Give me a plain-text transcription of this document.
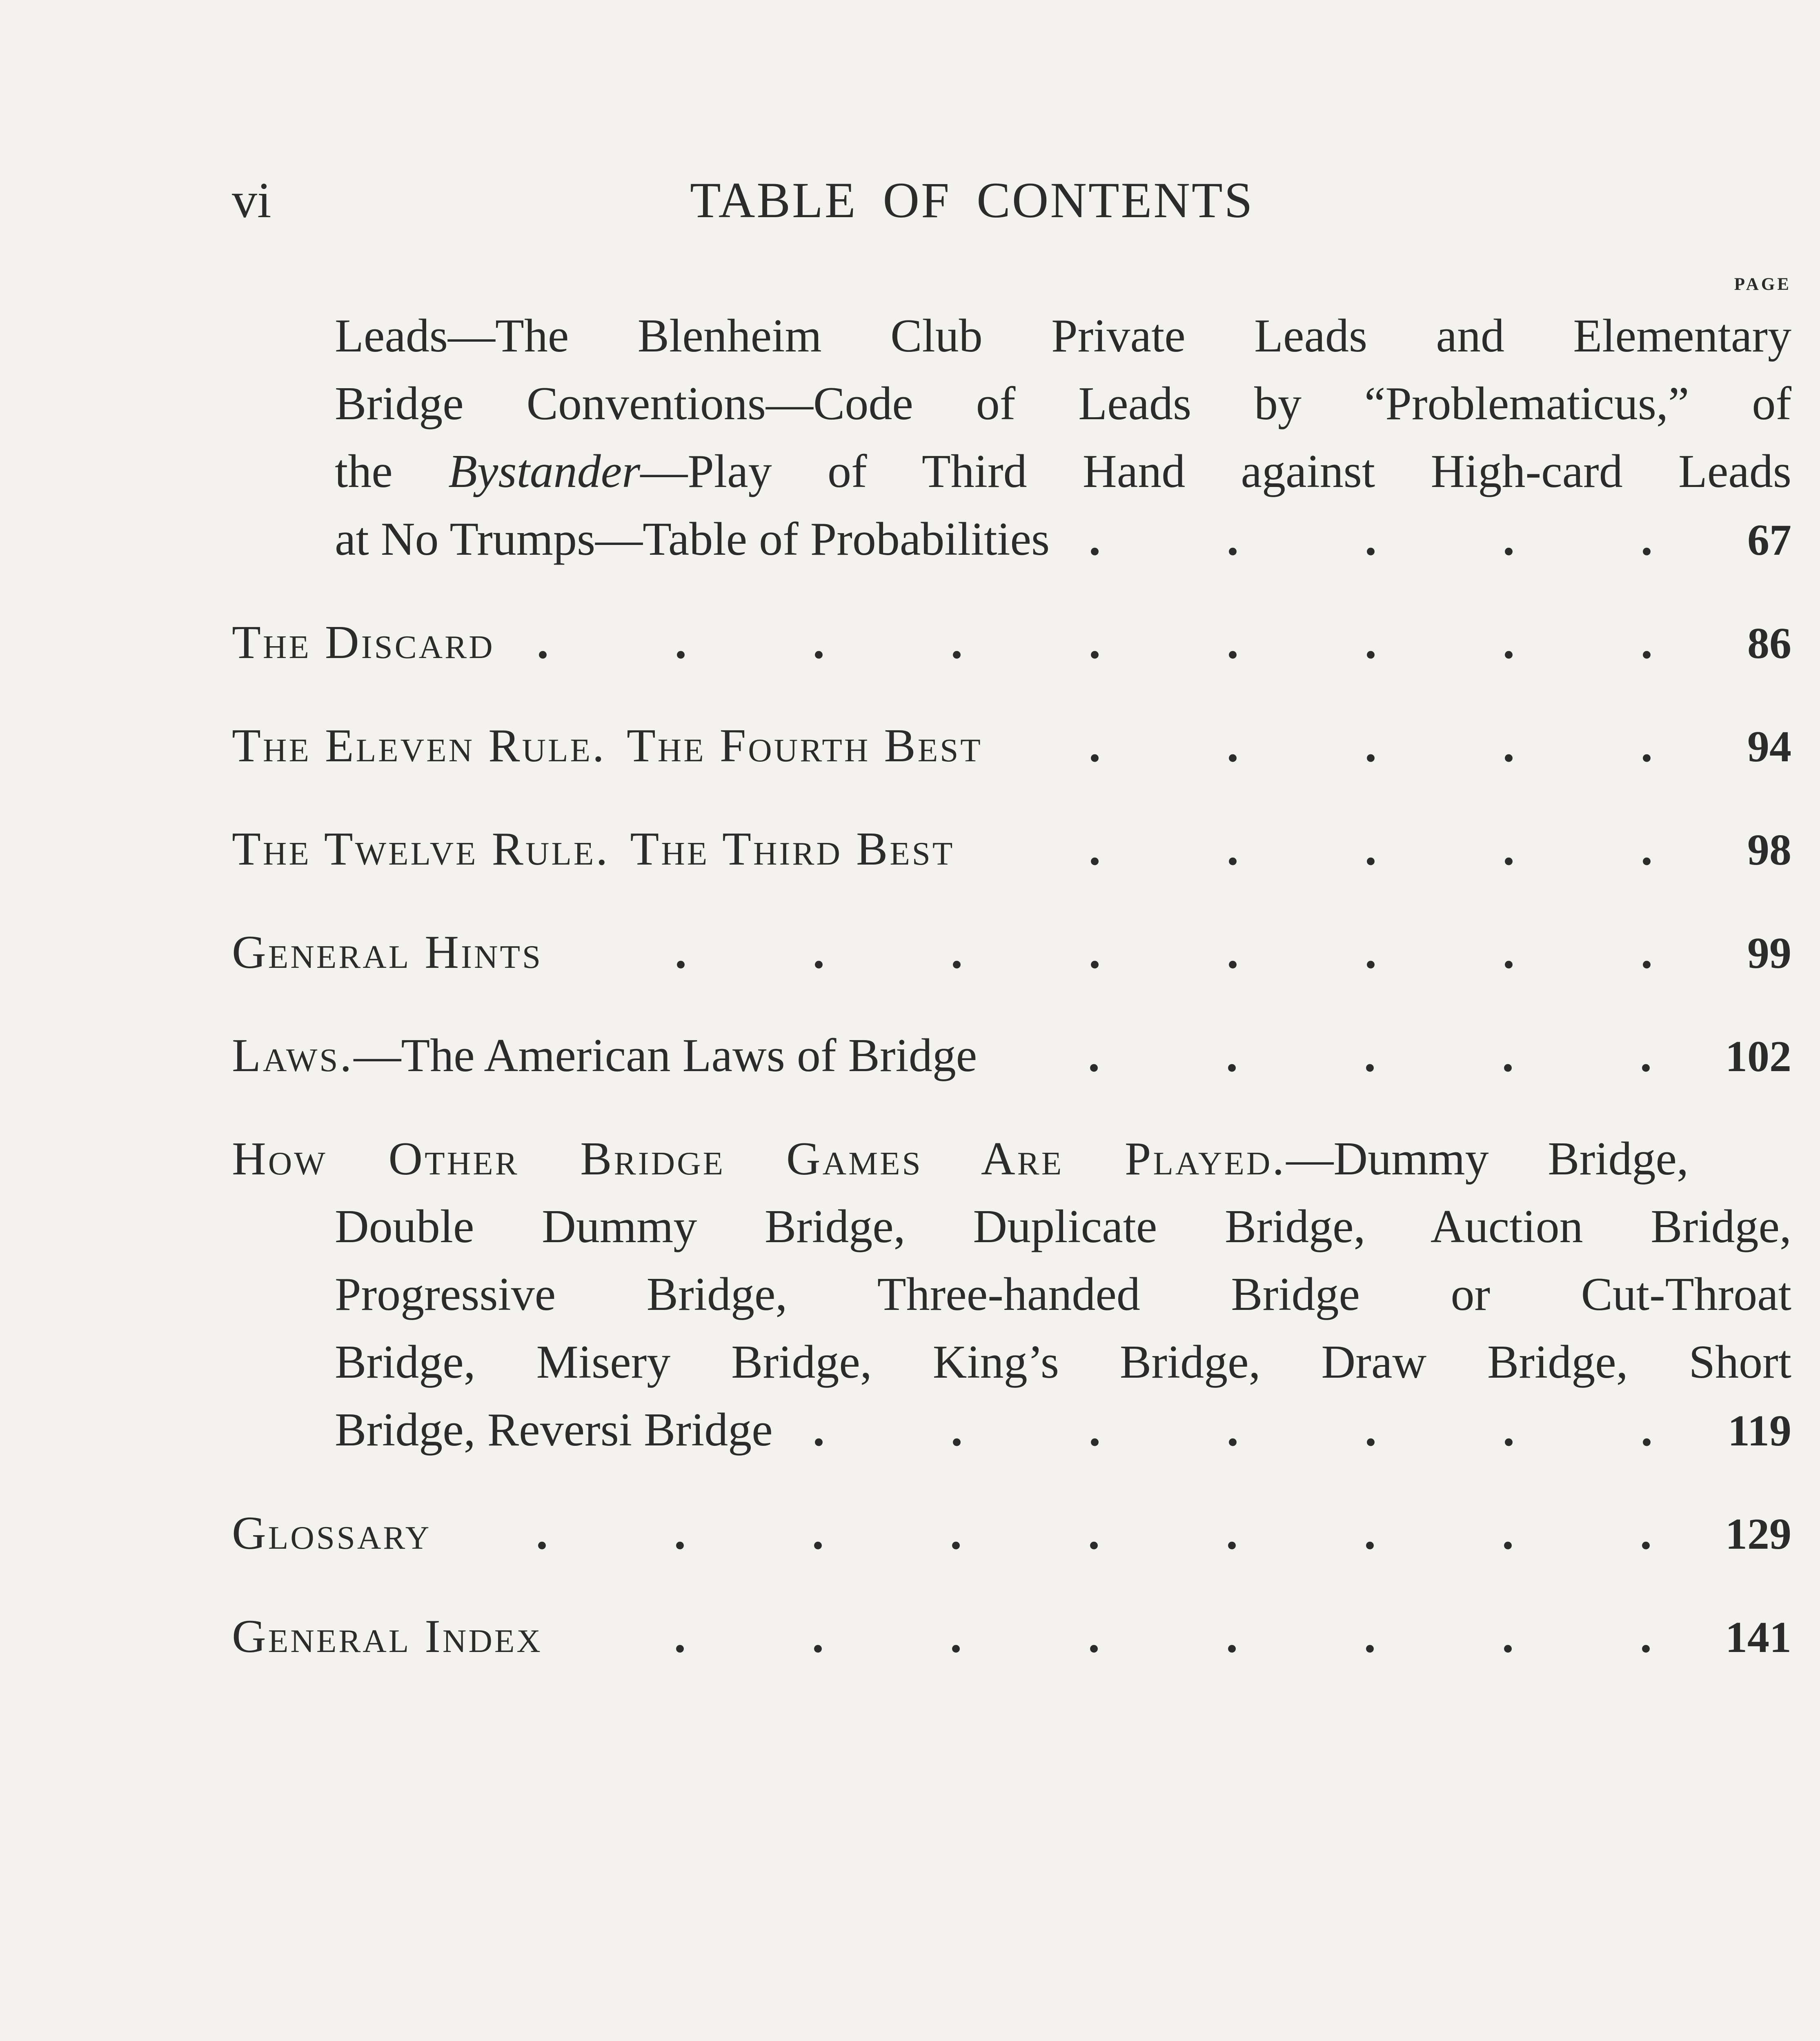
vi	TABLE OF CONTENTS
page
Leads—The Blenheim Club Private Leads and Elementary
Bridge Conventions—Code of Leads by “Problematicus,” of
the Bystander—Play of Third Hand against High-card Leads
at No Trumps—Table of Probabilities . . .	67
The Discard . . .	86
The Eleven Rule. The Fourth Best . . .	94
The Twelve Rule. The Third Best . . .	98
General Hints . . .	99
Laws. —The American Laws of Bridge . . .	102
How Other Bridge Games Are Played.—Dummy Bridge,
Double Dummy Bridge, Duplicate Bridge, Auction Bridge,
Progressive Bridge, Three-handed Bridge or Cut-Throat
Bridge, Misery Bridge, King’s Bridge, Draw Bridge, Short
Bridge, Reversi Bridge . . .	119
Glossary . . .	129
General Index . . .	141
